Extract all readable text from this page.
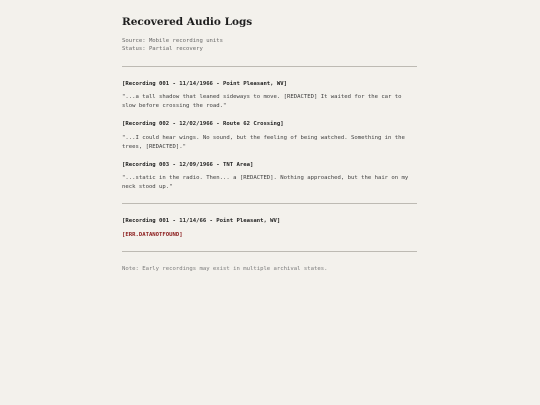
Recovered Audio Logs
Source: Mobile recording units
Status: Partial recovery
[Recording 001 - 11/14/1966 - Point Pleasant, WV]
"...a tall shadow that leaned sideways to move. [REDACTED] It waited for the car to slow before crossing the road."
[Recording 002 - 12/02/1966 - Route 62 Crossing]
"...I could hear wings. No sound, but the feeling of being watched. Something in the trees, [REDACTED]."
[Recording 003 - 12/09/1966 - TNT Area]
"...static in the radio. Then... a [REDACTED]. Nothing approached, but the hair on my neck stood up."
[Recording 001 - 11/14/66 - Point Pleasant, WV]
[ERR.DATANOTFOUND]
Note: Early recordings may exist in multiple archival states.
